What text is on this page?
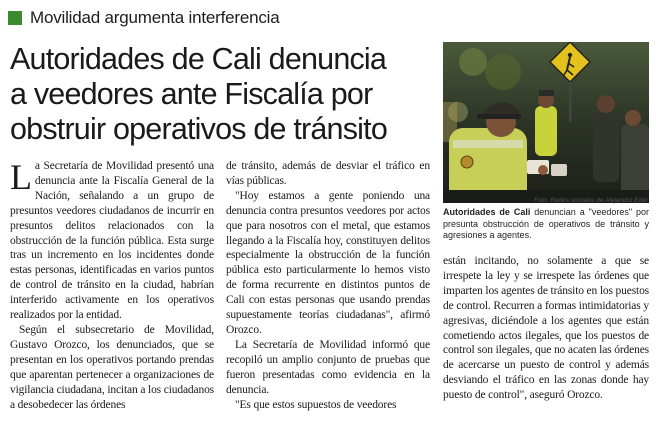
Movilidad argumenta interferencia
Autoridades de Cali denuncia
a veedores ante Fiscalía por
obstruir operativos de tránsito
Foto: Redes sociales de Alejandro Eder
Autoridades de Cali denuncian a "veedores" por presunta obstrucción de operativos de tránsito y agresiones a agentes.

La Secretaría de Movilidad presentó una denuncia ante la Fiscalía General de la Nación, señalando a un grupo de presuntos veedores ciudadanos de incurrir en presuntos delitos relacionados con la obstrucción de la función pública. Esta surge tras un incremento en los incidentes donde estas personas, identificadas en varios puntos de control de tránsito en la ciudad, habrían interferido activamente en los operativos realizados por la entidad.

Según el subsecretario de Movilidad, Gustavo Orozco, los denunciados, que se presentan en los operativos portando prendas que aparentan pertenecer a organizaciones de vigilancia ciudadana, incitan a los ciudadanos a desobedecer las órdenes

de tránsito, además de desviar el tráfico en vías públicas.

"Hoy estamos a gente poniendo una denuncia contra presuntos veedores por actos que para nosotros con el metal, que estamos llegando a la Fiscalía hoy, constituyen delitos especialmente la obstrucción de la función pública esto particularmente lo hemos visto de forma recurrente en distintos puntos de Cali con estas personas que usando prendas supuestamente teorías ciudadanas", afirmó Orozco.

La Secretaría de Movilidad informó que recopiló un amplio conjunto de pruebas que fueron presentadas como evidencia en la denuncia.

"Es que estos supuestos de veedores

están incitando, no solamente a que se irrespete la ley y se irrespete las órdenes que imparten los agentes de tránsito en los puestos de control. Recurren a formas intimidatorias y agresivas, diciéndole a los agentes que están cometiendo actos ilegales, que los puestos de control son ilegales, que no acaten las órdenes de acercarse un puesto de control y además desviando el tráfico en las zonas donde hay puesto de control", aseguró Orozco.
